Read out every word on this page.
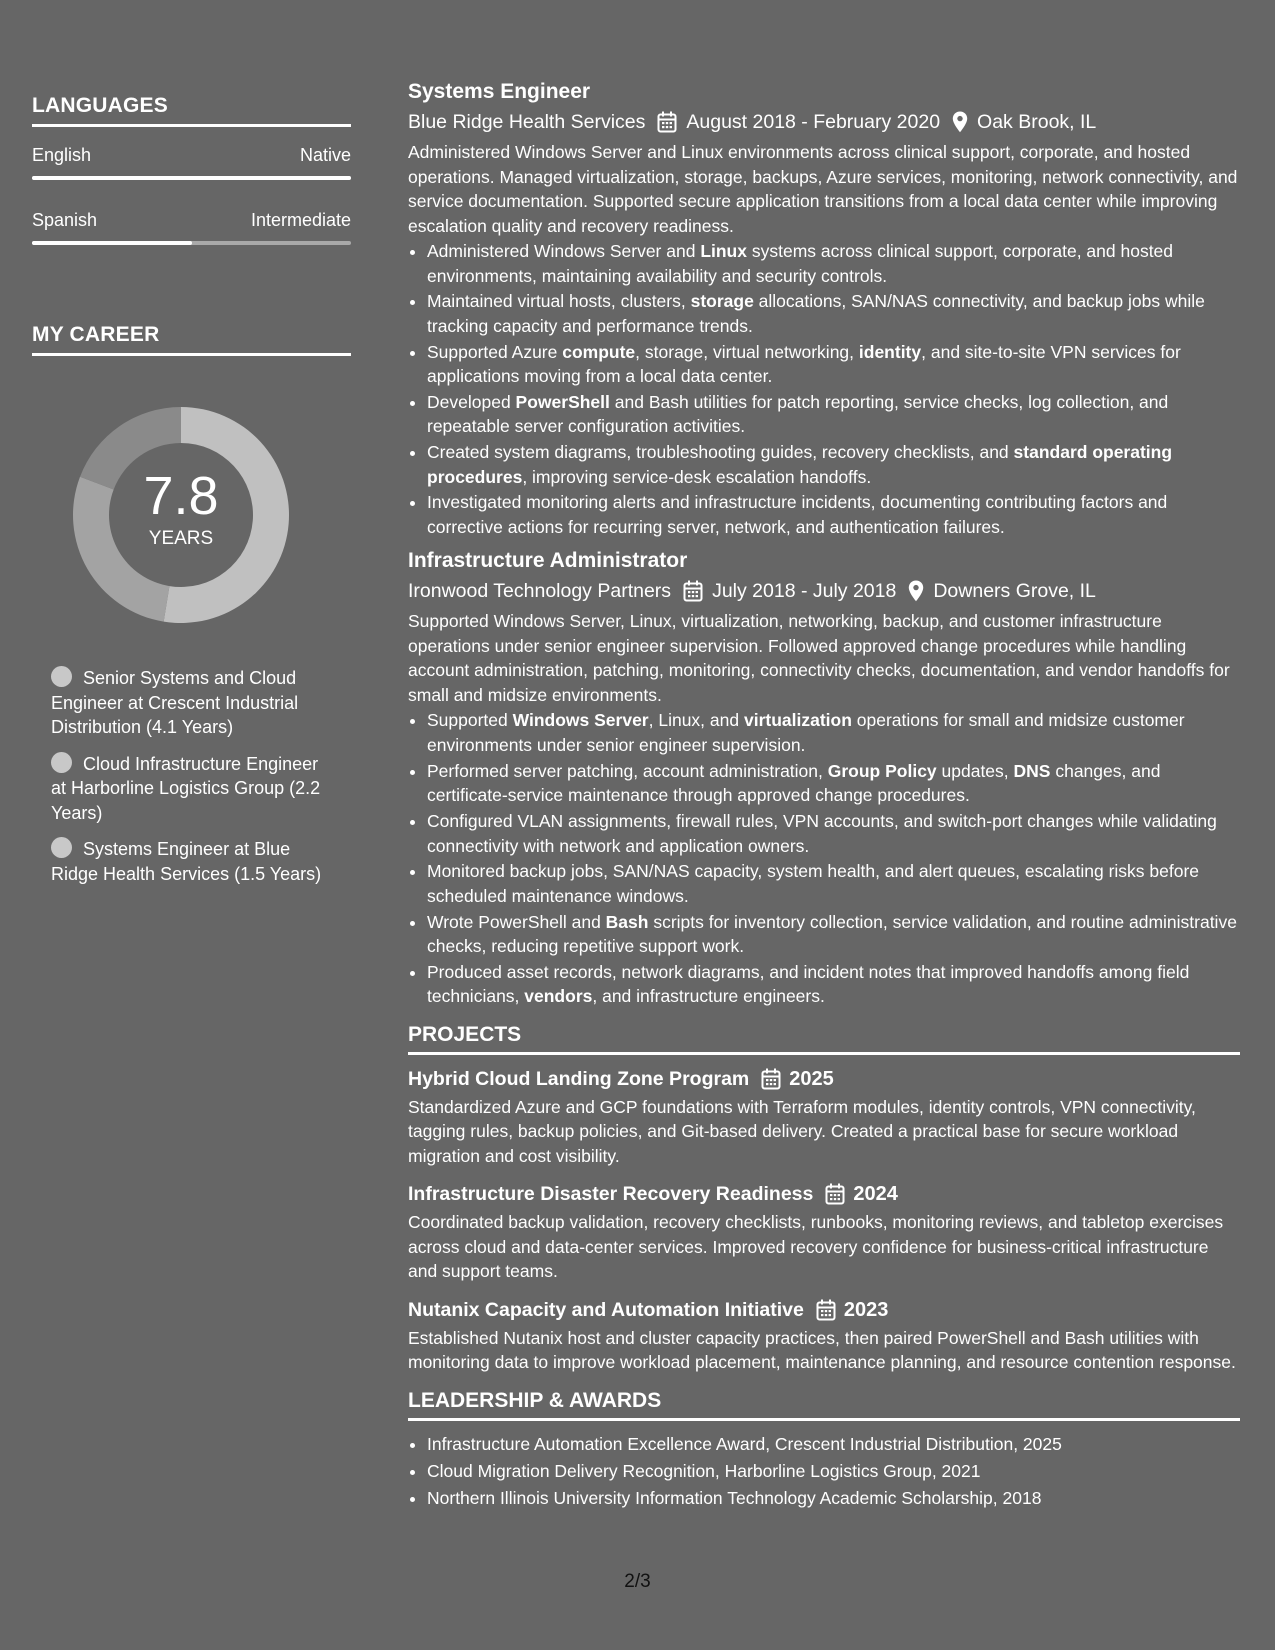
LANGUAGES
English	Native
Spanish	Intermediate
MY CAREER
7.8
YEARS
Senior Systems and Cloud Engineer at Crescent Industrial Distribution (4.1 Years)
Cloud Infrastructure Engineer at Harborline Logistics Group (2.2 Years)
Systems Engineer at Blue Ridge Health Services (1.5 Years)
Systems Engineer
Blue Ridge Health Services August 2018 - February 2020 Oak Brook, IL
Administered Windows Server and Linux environments across clinical support, corporate, and hosted operations. Managed virtualization, storage, backups, Azure services, monitoring, network connectivity, and service documentation. Supported secure application transitions from a local data center while improving escalation quality and recovery readiness.
• Administered Windows Server and Linux systems across clinical support, corporate, and hosted environments, maintaining availability and security controls.
• Maintained virtual hosts, clusters, storage allocations, SAN/NAS connectivity, and backup jobs while tracking capacity and performance trends.
• Supported Azure compute, storage, virtual networking, identity, and site-to-site VPN services for applications moving from a local data center.
• Developed PowerShell and Bash utilities for patch reporting, service checks, log collection, and repeatable server configuration activities.
• Created system diagrams, troubleshooting guides, recovery checklists, and standard operating procedures, improving service-desk escalation handoffs.
• Investigated monitoring alerts and infrastructure incidents, documenting contributing factors and corrective actions for recurring server, network, and authentication failures.
Infrastructure Administrator
Ironwood Technology Partners July 2018 - July 2018 Downers Grove, IL
Supported Windows Server, Linux, virtualization, networking, backup, and customer infrastructure operations under senior engineer supervision. Followed approved change procedures while handling account administration, patching, monitoring, connectivity checks, documentation, and vendor handoffs for small and midsize environments.
• Supported Windows Server, Linux, and virtualization operations for small and midsize customer environments under senior engineer supervision.
• Performed server patching, account administration, Group Policy updates, DNS changes, and certificate-service maintenance through approved change procedures.
• Configured VLAN assignments, firewall rules, VPN accounts, and switch-port changes while validating connectivity with network and application owners.
• Monitored backup jobs, SAN/NAS capacity, system health, and alert queues, escalating risks before scheduled maintenance windows.
• Wrote PowerShell and Bash scripts for inventory collection, service validation, and routine administrative checks, reducing repetitive support work.
• Produced asset records, network diagrams, and incident notes that improved handoffs among field technicians, vendors, and infrastructure engineers.
PROJECTS
Hybrid Cloud Landing Zone Program 2025
Standardized Azure and GCP foundations with Terraform modules, identity controls, VPN connectivity, tagging rules, backup policies, and Git-based delivery. Created a practical base for secure workload migration and cost visibility.
Infrastructure Disaster Recovery Readiness 2024
Coordinated backup validation, recovery checklists, runbooks, monitoring reviews, and tabletop exercises across cloud and data-center services. Improved recovery confidence for business-critical infrastructure and support teams.
Nutanix Capacity and Automation Initiative 2023
Established Nutanix host and cluster capacity practices, then paired PowerShell and Bash utilities with monitoring data to improve workload placement, maintenance planning, and resource contention response.
LEADERSHIP & AWARDS
• Infrastructure Automation Excellence Award, Crescent Industrial Distribution, 2025
• Cloud Migration Delivery Recognition, Harborline Logistics Group, 2021
• Northern Illinois University Information Technology Academic Scholarship, 2018
2/3
